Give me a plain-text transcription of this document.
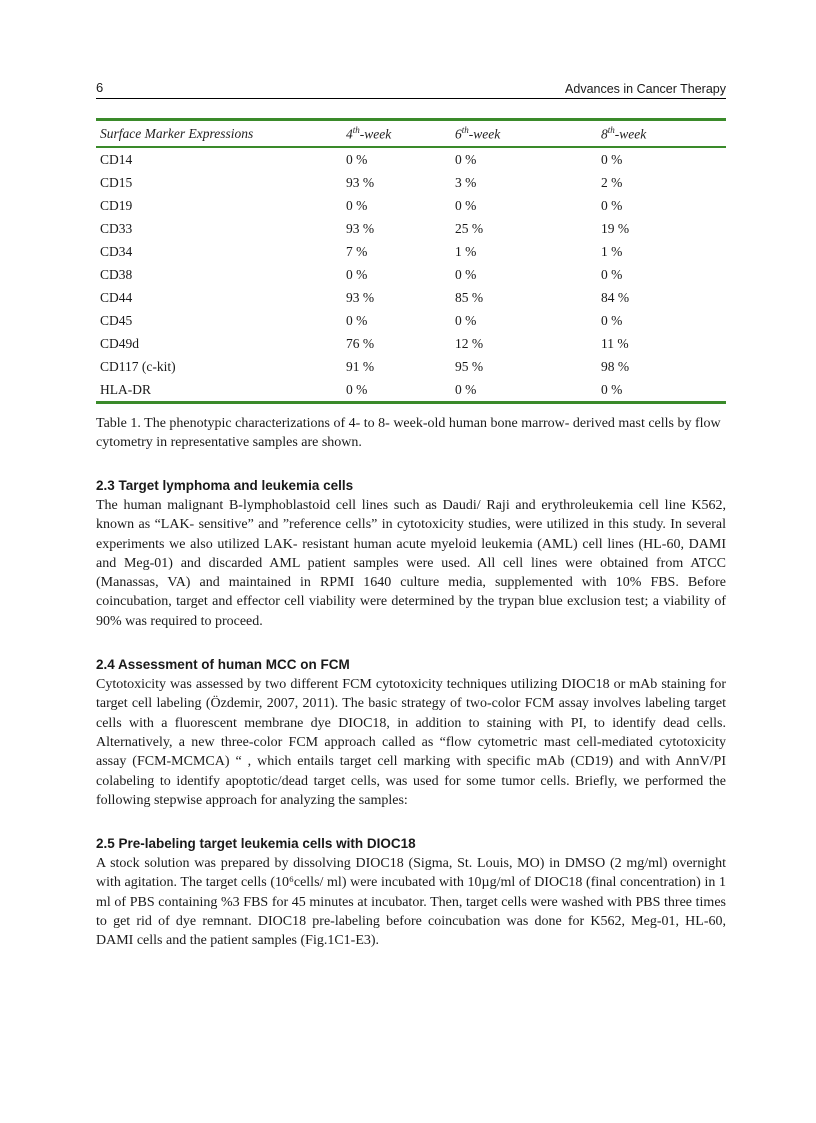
6	Advances in Cancer Therapy
Surface Marker Expressions	4th-week	6th-week	8th-week
CD14	0 %	0 %	0 %
CD15	93 %	3 %	2 %
CD19	0 %	0 %	0 %
CD33	93 %	25 %	19 %
CD34	7 %	1 %	1 %
CD38	0 %	0 %	0 %
CD44	93 %	85 %	84 %
CD45	0 %	0 %	0 %
CD49d	76 %	12 %	11 %
CD117 (c-kit)	91 %	95 %	98 %
HLA-DR	0 %	0 %	0 %

Table 1. The phenotypic characterizations of 4- to 8- week-old human bone marrow- derived mast cells by flow cytometry in representative samples are shown.

2.3 Target lymphoma and leukemia cells

The human malignant B-lymphoblastoid cell lines such as Daudi/ Raji and erythroleukemia cell line K562, known as “LAK- sensitive” and ”reference cells” in cytotoxicity studies, were utilized in this study. In several experiments we also utilized LAK- resistant human acute myeloid leukemia (AML) cell lines (HL-60, DAMI and Meg-01) and discarded AML patient samples were used. All cell lines were obtained from ATCC (Manassas, VA) and maintained in RPMI 1640 culture media, supplemented with 10% FBS. Before coincubation, target and effector cell viability were determined by the trypan blue exclusion test; a viability of 90% was required to proceed.

2.4 Assessment of human MCC on FCM

Cytotoxicity was assessed by two different FCM cytotoxicity techniques utilizing DIOC18 or mAb staining for target cell labeling (Özdemir, 2007, 2011). The basic strategy of two-color FCM assay involves labeling target cells with a fluorescent membrane dye DIOC18, in addition to staining with PI, to identify dead cells. Alternatively, a new three-color FCM approach called as “flow cytometric mast cell-mediated cytotoxicity assay (FCM-MCMCA) “ , which entails target cell marking with specific mAb (CD19) and with AnnV/PI colabeling to identify apoptotic/dead target cells, was used for some tumor cells. Briefly, we performed the following stepwise approach for analyzing the samples:

2.5 Pre-labeling target leukemia cells with DIOC18

A stock solution was prepared by dissolving DIOC18 (Sigma, St. Louis, MO) in DMSO (2 mg/ml) overnight with agitation. The target cells (10⁶cells/ ml) were incubated with 10µg/ml of DIOC18 (final concentration) in 1 ml of PBS containing %3 FBS for 45 minutes at incubator. Then, target cells were washed with PBS three times to get rid of dye remnant. DIOC18 pre-labeling before coincubation was done for K562, Meg-01, HL-60, DAMI cells and the patient samples (Fig.1C1-E3).
